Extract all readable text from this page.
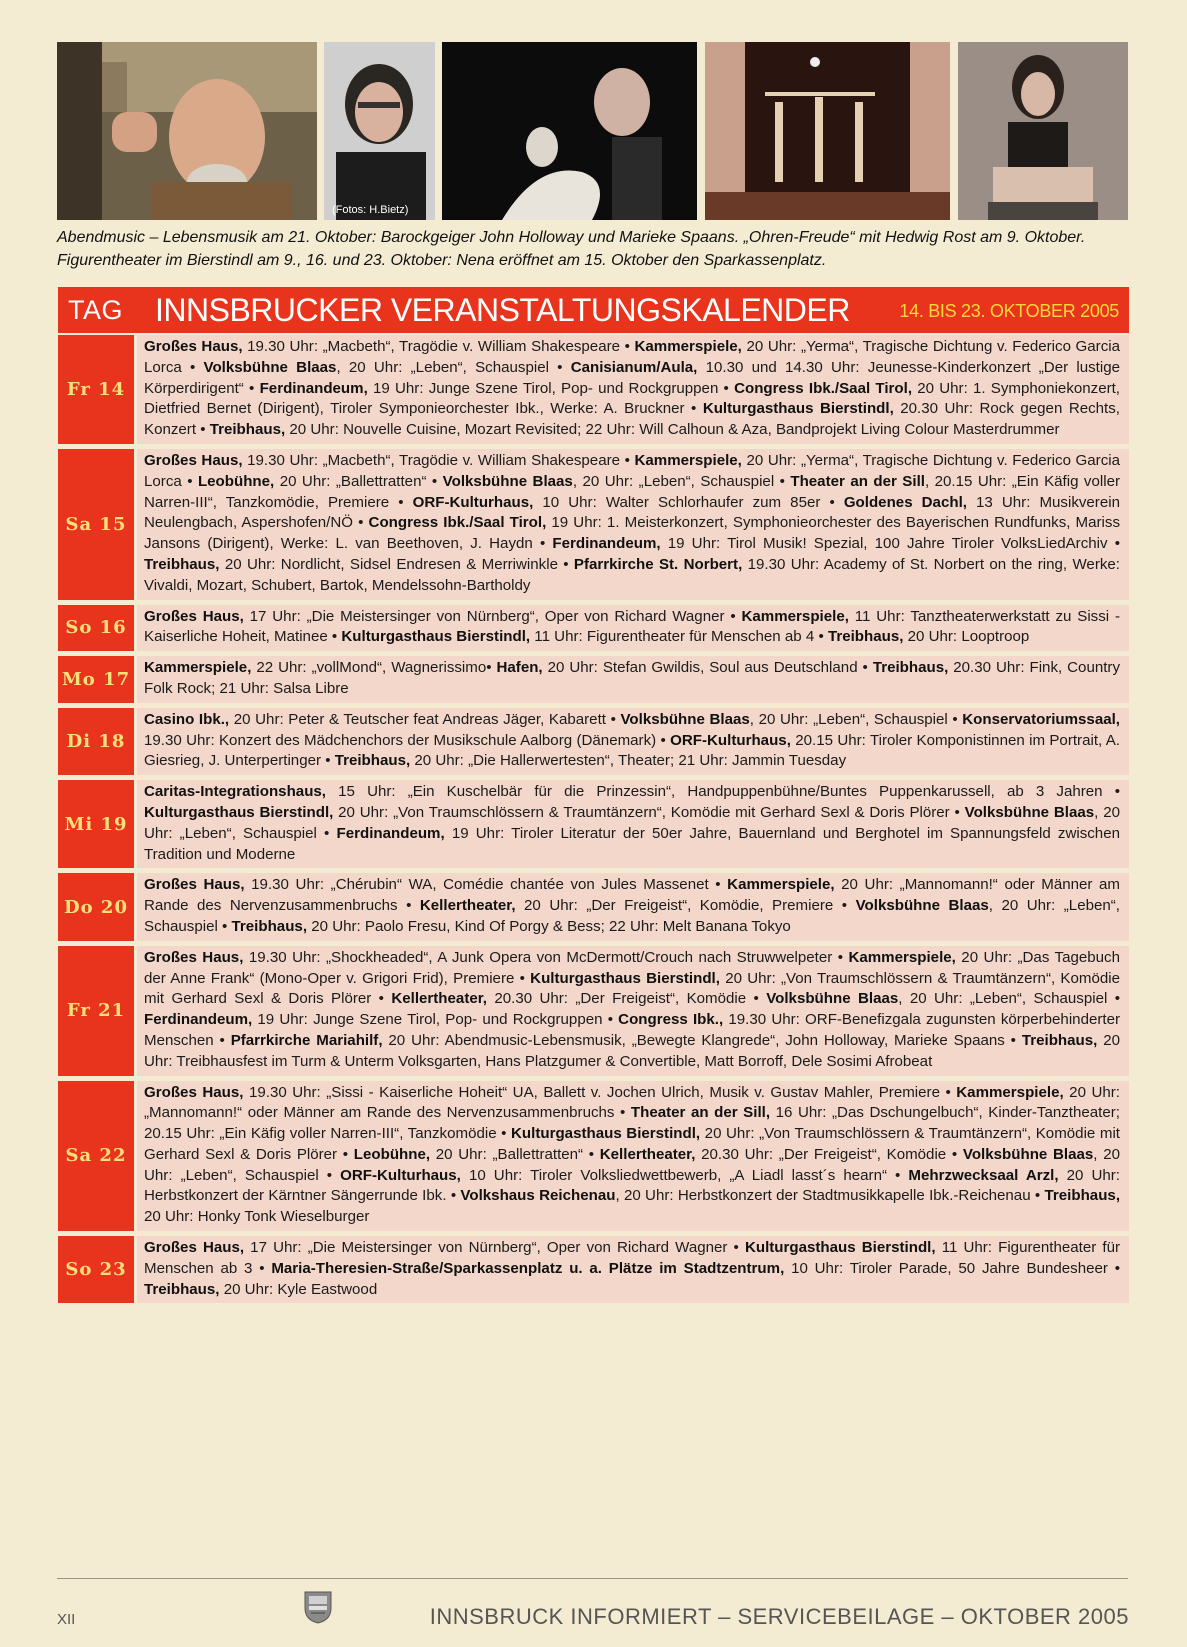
(Fotos: H.Bietz)
Abendmusic – Lebensmusik am 21. Oktober: Barockgeiger John Holloway und Marieke Spaans. „Ohren-Freude“ mit Hedwig Rost am 9. Oktober. Figurentheater im Bierstindl am 9., 16. und 23. Oktober: Nena eröffnet am 15. Oktober den Sparkassenplatz.
TAG INNSBRUCKER VERANSTALTUNGSKALENDER	14. BIS 23. OKTOBER 2005
Fr 14
Großes Haus, 19.30 Uhr: „Macbeth“, Tragödie v. William Shakespeare • Kammerspiele, 20 Uhr: „Yerma“, Tragische Dichtung v. Federico Garcia Lorca • Volksbühne Blaas, 20 Uhr: „Leben“, Schauspiel • Canisianum/Aula, 10.30 und 14.30 Uhr: Jeunesse-Kinderkonzert „Der lustige Körperdirigent“ • Ferdinandeum, 19 Uhr: Junge Szene Tirol, Pop- und Rockgruppen • Congress Ibk./Saal Tirol, 20 Uhr: 1. Symphoniekonzert, Dietfried Bernet (Dirigent), Tiroler Symponieorchester Ibk., Werke: A. Bruckner • Kulturgasthaus Bierstindl, 20.30 Uhr: Rock gegen Rechts, Konzert • Treibhaus, 20 Uhr: Nouvelle Cuisine, Mozart Revisited; 22 Uhr: Will Calhoun & Aza, Bandprojekt Living Colour Masterdrummer
Sa 15
Großes Haus, 19.30 Uhr: „Macbeth“, Tragödie v. William Shakespeare • Kammerspiele, 20 Uhr: „Yerma“, Tragische Dichtung v. Federico Garcia Lorca • Leobühne, 20 Uhr: „Ballettratten“ • Volksbühne Blaas, 20 Uhr: „Leben“, Schauspiel • Theater an der Sill, 20.15 Uhr: „Ein Käfig voller Narren-III“, Tanzkomödie, Premiere • ORF-Kulturhaus, 10 Uhr: Walter Schlorhaufer zum 85er • Goldenes Dachl, 13 Uhr: Musikverein Neulengbach, Aspershofen/NÖ • Congress Ibk./Saal Tirol, 19 Uhr: 1. Meisterkonzert, Symphonieorchester des Bayerischen Rundfunks, Mariss Jansons (Dirigent), Werke: L. van Beethoven, J. Haydn • Ferdinandeum, 19 Uhr: Tirol Musik! Spezial, 100 Jahre Tiroler VolksLiedArchiv • Treibhaus, 20 Uhr: Nordlicht, Sidsel Endresen & Merriwinkle • Pfarrkirche St. Norbert, 19.30 Uhr: Academy of St. Norbert on the ring, Werke: Vivaldi, Mozart, Schubert, Bartok, Mendelssohn-Bartholdy
So 16
Großes Haus, 17 Uhr: „Die Meistersinger von Nürnberg“, Oper von Richard Wagner • Kammerspiele, 11 Uhr: Tanztheaterwerkstatt zu Sissi - Kaiserliche Hoheit, Matinee • Kulturgasthaus Bierstindl, 11 Uhr: Figurentheater für Menschen ab 4 • Treibhaus, 20 Uhr: Looptroop
Mo 17
Kammerspiele, 22 Uhr: „vollMond“, Wagnerissimo• Hafen, 20 Uhr: Stefan Gwildis, Soul aus Deutschland • Treibhaus, 20.30 Uhr: Fink, Country Folk Rock; 21 Uhr: Salsa Libre
Di 18
Casino Ibk., 20 Uhr: Peter & Teutscher feat Andreas Jäger, Kabarett • Volksbühne Blaas, 20 Uhr: „Leben“, Schauspiel • Konservatoriumssaal, 19.30 Uhr: Konzert des Mädchenchors der Musikschule Aalborg (Dänemark) • ORF-Kulturhaus, 20.15 Uhr: Tiroler Komponistinnen im Portrait, A. Giesrieg, J. Unterpertinger • Treibhaus, 20 Uhr: „Die Hallerwertesten“, Theater; 21 Uhr: Jammin Tuesday
Mi 19
Caritas-Integrationshaus, 15 Uhr: „Ein Kuschelbär für die Prinzessin“, Handpuppenbühne/Buntes Puppenkarussell, ab 3 Jahren • Kulturgasthaus Bierstindl, 20 Uhr: „Von Traumschlössern & Traumtänzern“, Komödie mit Gerhard Sexl & Doris Plörer • Volksbühne Blaas, 20 Uhr: „Leben“, Schauspiel • Ferdinandeum, 19 Uhr: Tiroler Literatur der 50er Jahre, Bauernland und Berghotel im Spannungsfeld zwischen Tradition und Moderne
Do 20
Großes Haus, 19.30 Uhr: „Chérubin“ WA, Comédie chantée von Jules Massenet • Kammerspiele, 20 Uhr: „Mannomann!“ oder Männer am Rande des Nervenzusammenbruchs • Kellertheater, 20 Uhr: „Der Freigeist“, Komödie, Premiere • Volksbühne Blaas, 20 Uhr: „Leben“, Schauspiel • Treibhaus, 20 Uhr: Paolo Fresu, Kind Of Porgy & Bess; 22 Uhr: Melt Banana Tokyo
Fr 21
Großes Haus, 19.30 Uhr: „Shockheaded“, A Junk Opera von McDermott/Crouch nach Struwwelpeter • Kammerspiele, 20 Uhr: „Das Tagebuch der Anne Frank“ (Mono-Oper v. Grigori Frid), Premiere • Kulturgasthaus Bierstindl, 20 Uhr: „Von Traumschlössern & Traumtänzern“, Komödie mit Gerhard Sexl & Doris Plörer • Kellertheater, 20.30 Uhr: „Der Freigeist“, Komödie • Volksbühne Blaas, 20 Uhr: „Leben“, Schauspiel • Ferdinandeum, 19 Uhr: Junge Szene Tirol, Pop- und Rockgruppen • Congress Ibk., 19.30 Uhr: ORF-Benefizgala zugunsten körperbehinderter Menschen • Pfarrkirche Mariahilf, 20 Uhr: Abendmusic-Lebensmusik, „Bewegte Klangrede“, John Holloway, Marieke Spaans • Treibhaus, 20 Uhr: Treibhausfest im Turm & Unterm Volksgarten, Hans Platzgumer & Convertible, Matt Borroff, Dele Sosimi Afrobeat
Sa 22
Großes Haus, 19.30 Uhr: „Sissi - Kaiserliche Hoheit“ UA, Ballett v. Jochen Ulrich, Musik v. Gustav Mahler, Premiere • Kammerspiele, 20 Uhr: „Mannomann!“ oder Männer am Rande des Nervenzusammenbruchs • Theater an der Sill, 16 Uhr: „Das Dschungelbuch“, Kinder-Tanztheater; 20.15 Uhr: „Ein Käfig voller Narren-III“, Tanzkomödie • Kulturgasthaus Bierstindl, 20 Uhr: „Von Traumschlössern & Traumtänzern“, Komödie mit Gerhard Sexl & Doris Plörer • Leobühne, 20 Uhr: „Ballettratten“ • Kellertheater, 20.30 Uhr: „Der Freigeist“, Komödie • Volksbühne Blaas, 20 Uhr: „Leben“, Schauspiel • ORF-Kulturhaus, 10 Uhr: Tiroler Volksliedwettbewerb, „A Liadl lasst´s hearn“ • Mehrzwecksaal Arzl, 20 Uhr: Herbstkonzert der Kärntner Sängerrunde Ibk. • Volkshaus Reichenau, 20 Uhr: Herbstkonzert der Stadtmusikkapelle Ibk.-Reichenau • Treibhaus, 20 Uhr: Honky Tonk Wieselburger
So 23
Großes Haus, 17 Uhr: „Die Meistersinger von Nürnberg“, Oper von Richard Wagner • Kulturgasthaus Bierstindl, 11 Uhr: Figurentheater für Menschen ab 3 • Maria-Theresien-Straße/Sparkassenplatz u. a. Plätze im Stadtzentrum, 10 Uhr: Tiroler Parade, 50 Jahre Bundesheer • Treibhaus, 20 Uhr: Kyle Eastwood
XII	INNSBRUCK INFORMIERT – SERVICEBEILAGE – OKTOBER 2005
